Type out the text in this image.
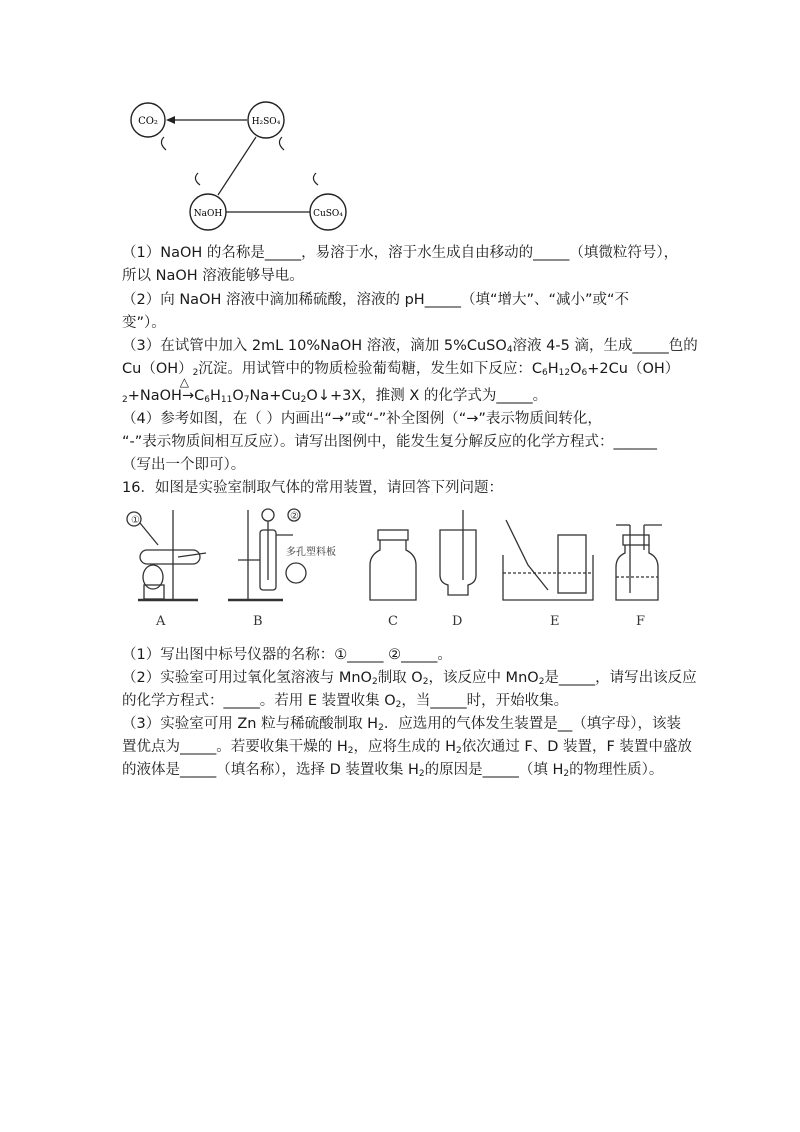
CO₂	H₂SO₄
NaOH	CuSO₄
（1）NaOH 的名称是_____，易溶于水，溶于水生成自由移动的_____（填微粒符号），
所以 NaOH 溶液能够导电。
（2）向 NaOH 溶液中滴加稀硫酸，溶液的 pH_____（填“增大”、“减小”或“不
变”）。
（3）在试管中加入 2mL 10%NaOH 溶液，滴加 5%CuSO$_4$溶液 4-5 滴，生成_____色的
$Cu(OH)_2$沉淀。用试管中的物质检验葡萄糖，发生如下反应：$C_6H_{12}O_6+2Cu(OH)$
$_2$+NaOH
△
$\to C_6H_{11}O_7Na+Cu_2O↓+3X$，推测 X 的化学式为_____。
（4）参考如图，在（ ）内画出“→”或“-”补全图例（“→”表示物质间转化，
“-”表示物质间相互反应）。请写出图例中，能发生复分解反应的化学方程式：______
（写出一个即可）。
16．如图是实验室制取气体的常用装置，请回答下列问题：
①	②
多孔塑料板
A	B	C	D	E	F
（1）写出图中标号仪器的名称：①_____ ②_____。
（2）实验室可用过氧化氢溶液与 MnO$_2$制取 $O_2$，该反应中 MnO$_2$是_____，请写出该反应
的化学方程式：_____。若用 E 装置收集 $O_2$，当_____时，开始收集。
（3）实验室可用 Zn 粒与稀硫酸制取 $H_2$．应选用的气体发生装置是__（填字母），该装
置优点为_____。若要收集干燥的 $H_2$，应将生成的 $H_2$依次通过 F、D 装置，F 装置中盛放
的液体是_____（填名称），选择 D 装置收集 $H_2$的原因是_____（填 $H_2$的物理性质）。
